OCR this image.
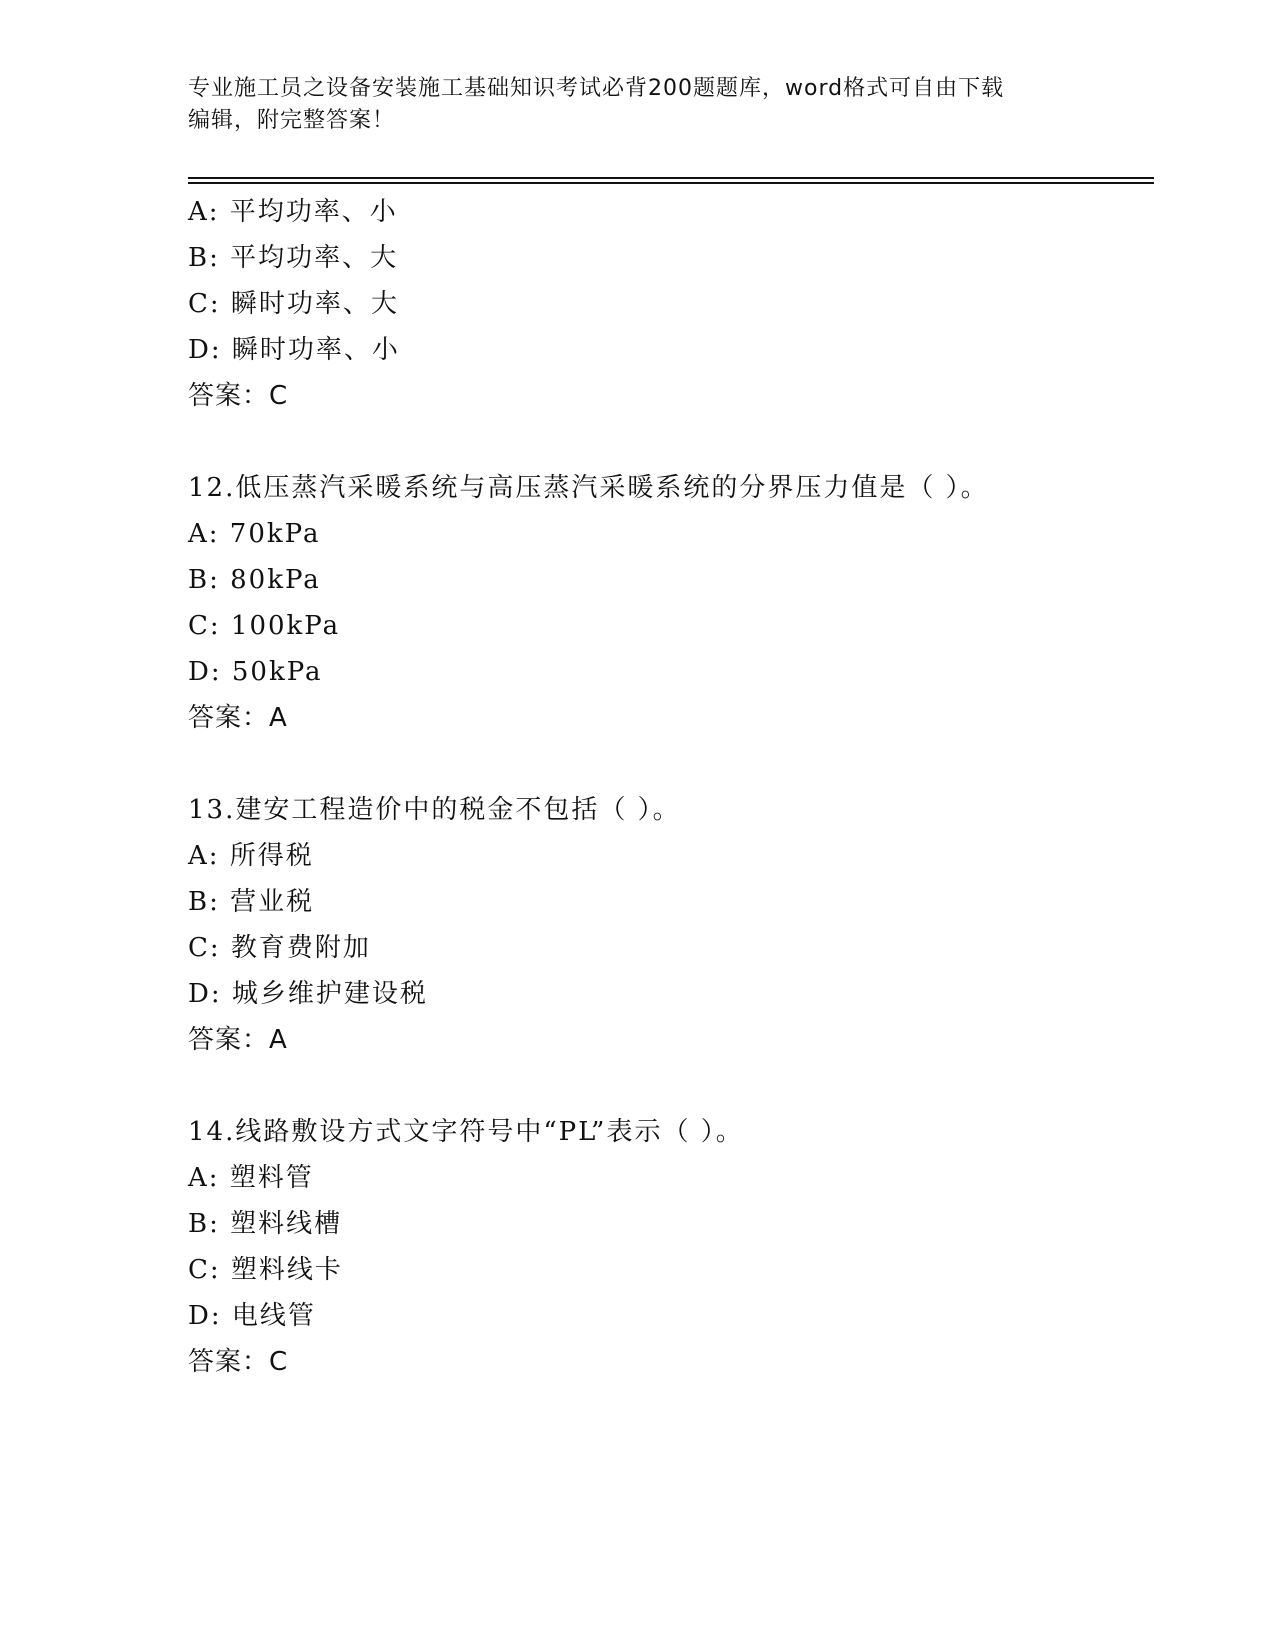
专业施工员之设备安装施工基础知识考试必背200题题库，word格式可自由下载
编辑，附完整答案！
A: 平均功率、小
B: 平均功率、大
C: 瞬时功率、大
D: 瞬时功率、小
答案：C
12.低压蒸汽采暖系统与高压蒸汽采暖系统的分界压力值是（ ）。
A: 70kPa
B: 80kPa
C: 100kPa
D: 50kPa
答案：A
13.建安工程造价中的税金不包括（ ）。
A: 所得税
B: 营业税
C: 教育费附加
D: 城乡维护建设税
答案：A
14.线路敷设方式文字符号中“PL”表示（ ）。
A: 塑料管
B: 塑料线槽
C: 塑料线卡
D: 电线管
答案：C
